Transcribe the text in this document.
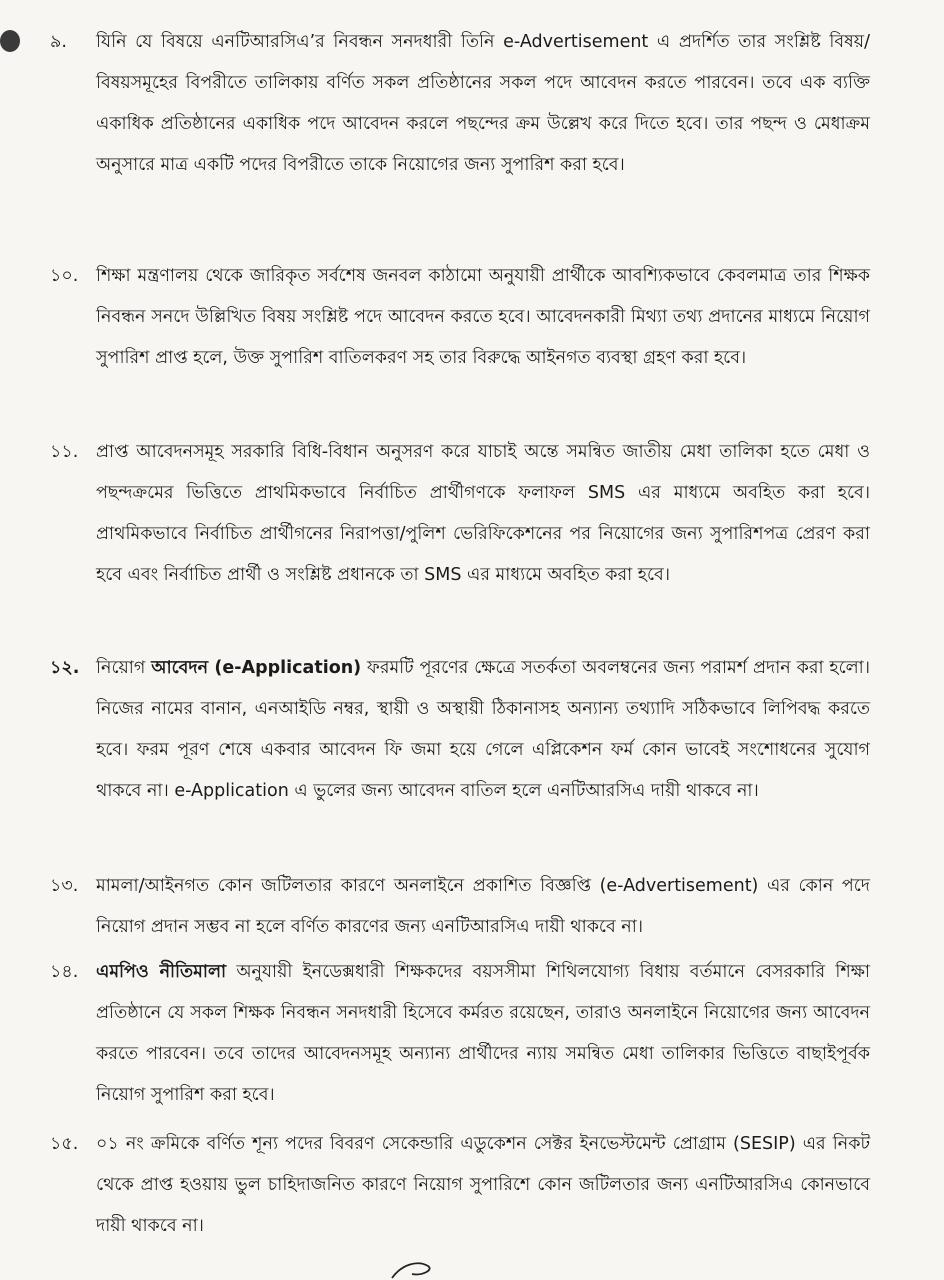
৯.	যিনি যে বিষয়ে এনটিআরসিএ’র নিবন্ধন সনদধারী তিনি e-Advertisement এ প্রদর্শিত তার সংশ্লিষ্ট বিষয়/বিষয়সমূহের বিপরীতে তালিকায় বর্ণিত সকল প্রতিষ্ঠানের সকল পদে আবেদন করতে পারবেন। তবে এক ব্যক্তি একাধিক প্রতিষ্ঠানের একাধিক পদে আবেদন করলে পছন্দের ক্রম উল্লেখ করে দিতে হবে। তার পছন্দ ও মেধাক্রম অনুসারে মাত্র একটি পদের বিপরীতে তাকে নিয়োগের জন্য সুপারিশ করা হবে।
১০.	শিক্ষা মন্ত্রণালয় থেকে জারিকৃত সর্বশেষ জনবল কাঠামো অনুযায়ী প্রার্থীকে আবশ্যিকভাবে কেবলমাত্র তার শিক্ষক নিবন্ধন সনদে উল্লিখিত বিষয় সংশ্লিষ্ট পদে আবেদন করতে হবে। আবেদনকারী মিথ্যা তথ্য প্রদানের মাধ্যমে নিয়োগ সুপারিশ প্রাপ্ত হলে, উক্ত সুপারিশ বাতিলকরণ সহ তার বিরুদ্ধে আইনগত ব্যবস্থা গ্রহণ করা হবে।
১১.	প্রাপ্ত আবেদনসমূহ সরকারি বিধি-বিধান অনুসরণ করে যাচাই অন্তে সমন্বিত জাতীয় মেধা তালিকা হতে মেধা ও পছন্দক্রমের ভিত্তিতে প্রাথমিকভাবে নির্বাচিত প্রার্থীগণকে ফলাফল SMS এর মাধ্যমে অবহিত করা হবে। প্রাথমিকভাবে নির্বাচিত প্রার্থীগনের নিরাপত্তা/পুলিশ ভেরিফিকেশনের পর নিয়োগের জন্য সুপারিশপত্র প্রেরণ করা হবে এবং নির্বাচিত প্রার্থী ও সংশ্লিষ্ট প্রধানকে তা SMS এর মাধ্যমে অবহিত করা হবে।
১২. নিয়োগ আবেদন (e-Application) ফরমটি পূরণের ক্ষেত্রে সতর্কতা অবলম্বনের জন্য পরামর্শ প্রদান করা হলো। নিজের নামের বানান, এনআইডি নম্বর, স্থায়ী ও অস্থায়ী ঠিকানাসহ অন্যান্য তথ্যাদি সঠিকভাবে লিপিবদ্ধ করতে হবে। ফরম পূরণ শেষে একবার আবেদন ফি জমা হয়ে গেলে এপ্লিকেশন ফর্ম কোন ভাবেই সংশোধনের সুযোগ থাকবে না। e-Application এ ভুলের জন্য আবেদন বাতিল হলে এনটিআরসিএ দায়ী থাকবে না।
১৩.	মামলা/আইনগত কোন জটিলতার কারণে অনলাইনে প্রকাশিত বিজ্ঞপ্তি (e-Advertisement) এর কোন পদে নিয়োগ প্রদান সম্ভব না হলে বর্ণিত কারণের জন্য এনটিআরসিএ দায়ী থাকবে না।
১৪.	এমপিও নীতিমালা অনুযায়ী ইনডেক্সধারী শিক্ষকদের বয়সসীমা শিথিলযোগ্য বিধায় বর্তমানে বেসরকারি শিক্ষা প্রতিষ্ঠানে যে সকল শিক্ষক নিবন্ধন সনদধারী হিসেবে কর্মরত রয়েছেন, তারাও অনলাইনে নিয়োগের জন্য আবেদন করতে পারবেন। তবে তাদের আবেদনসমূহ অন্যান্য প্রার্থীদের ন্যায় সমন্বিত মেধা তালিকার ভিত্তিতে বাছাইপূর্বক নিয়োগ সুপারিশ করা হবে।
১৫.	০১ নং ক্রমিকে বর্ণিত শূন্য পদের বিবরণ সেকেন্ডারি এডুকেশন সেক্টর ইনভেস্টমেন্ট প্রোগ্রাম (SESIP) এর নিকট থেকে প্রাপ্ত হওয়ায় ভুল চাহিদাজনিত কারণে নিয়োগ সুপারিশে কোন জটিলতার জন্য এনটিআরসিএ কোনভাবে দায়ী থাকবে না।
